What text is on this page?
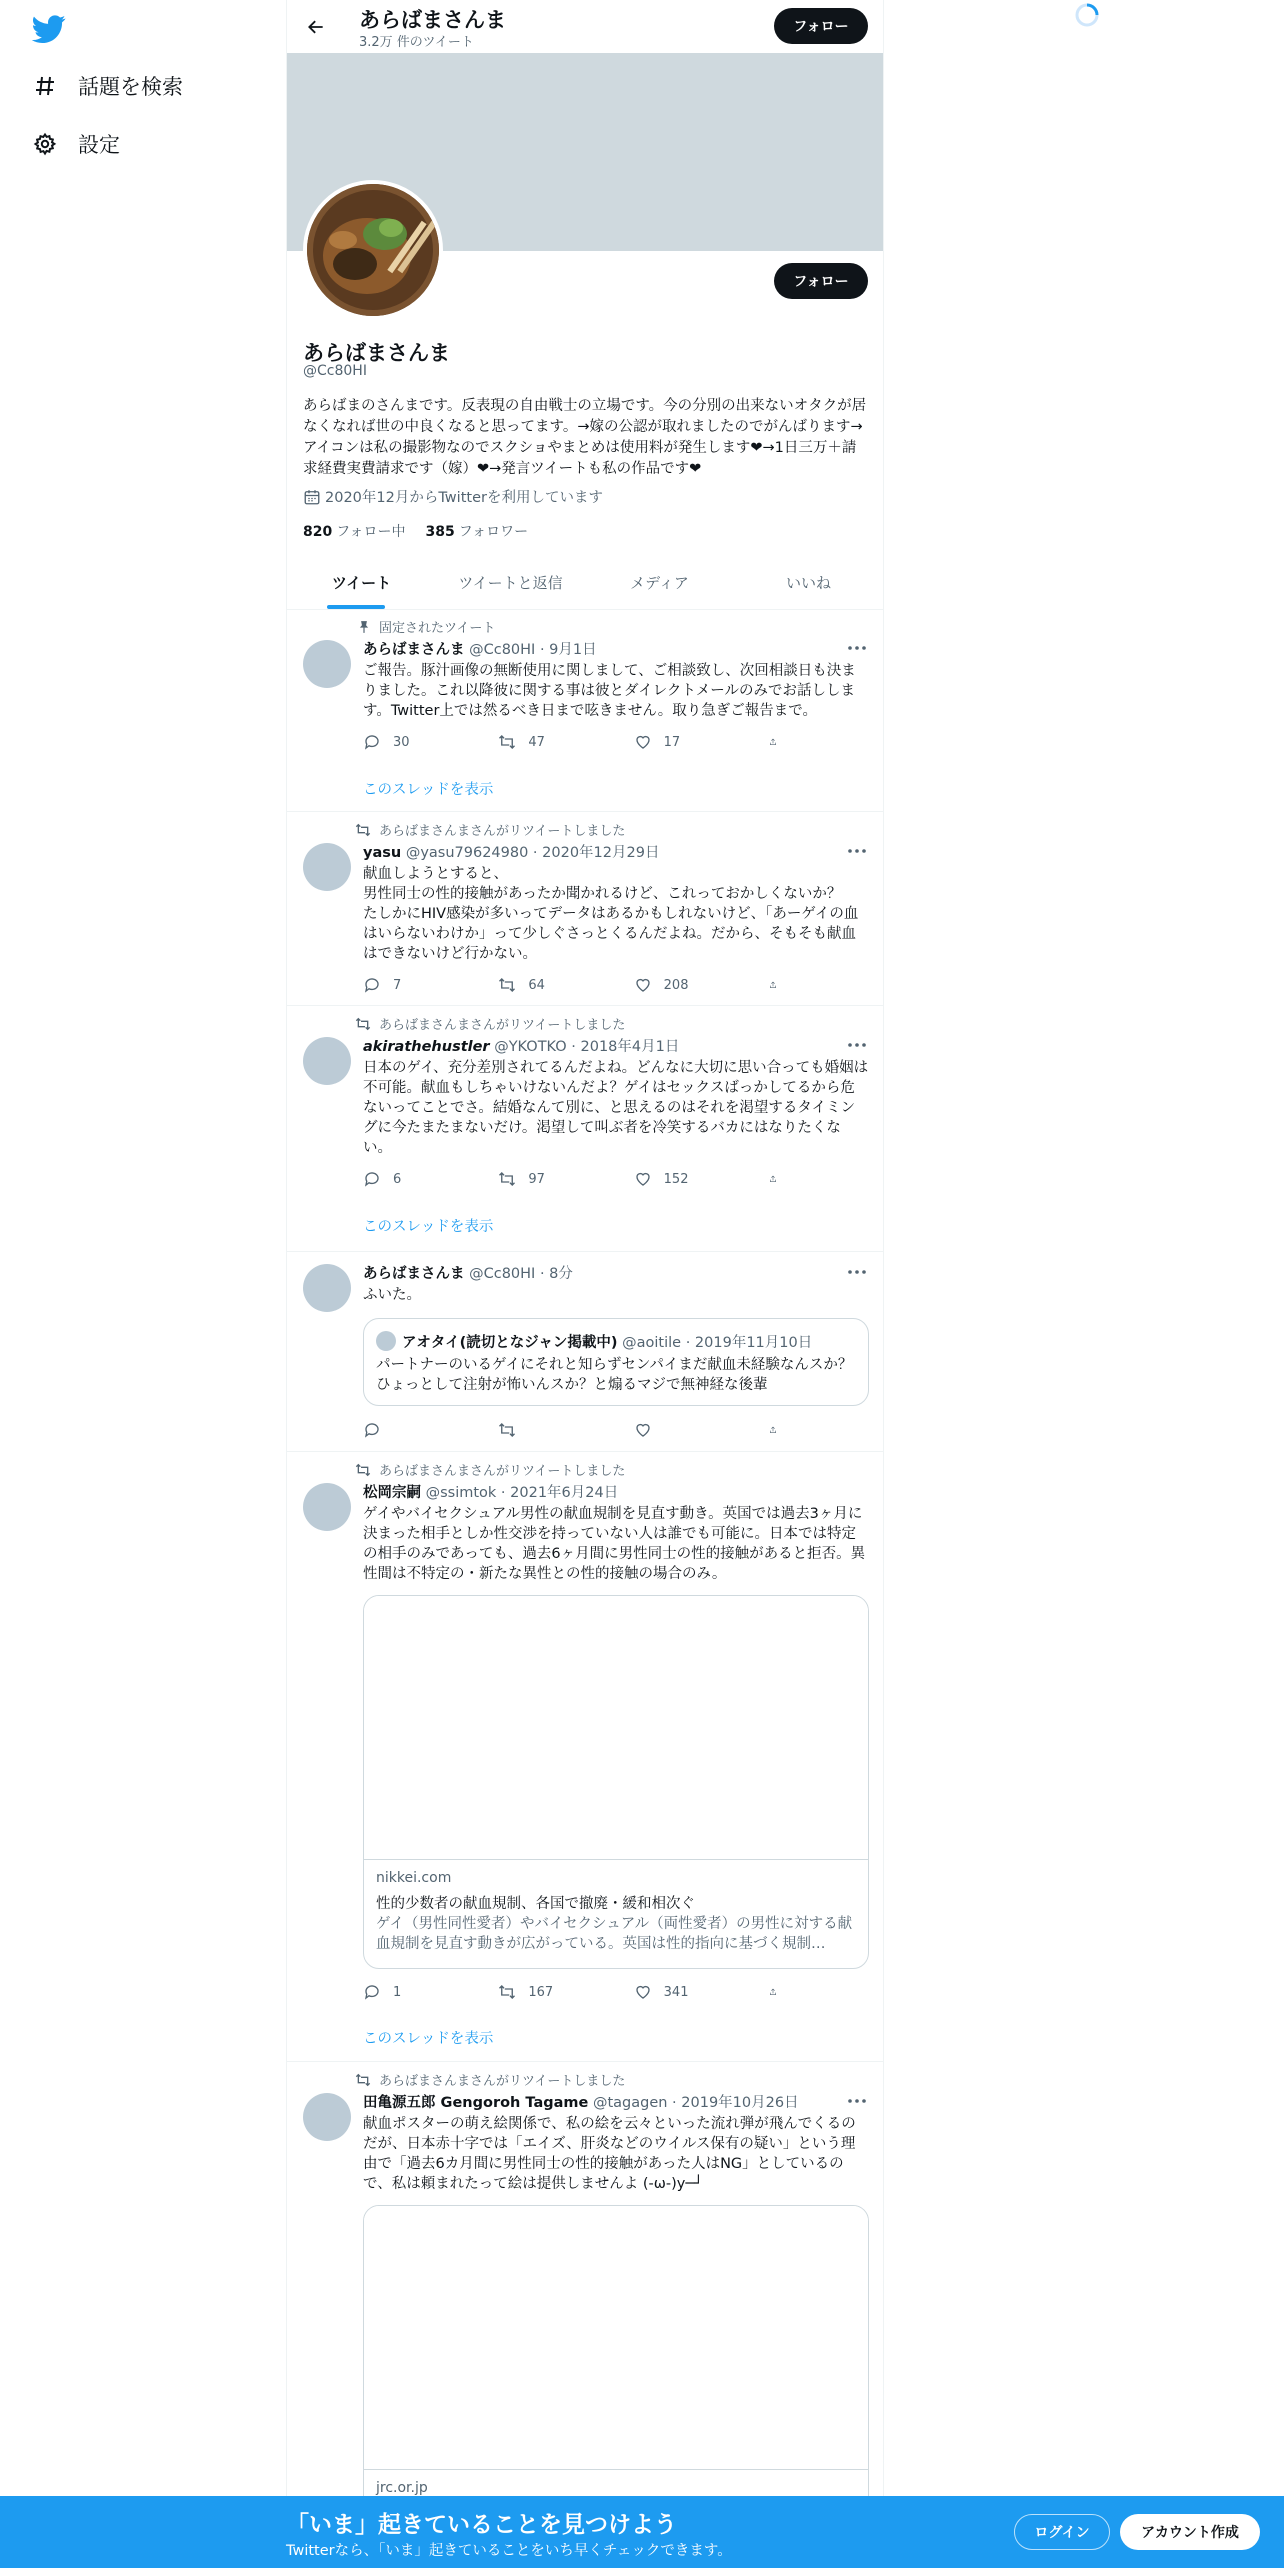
話題を検索
設定
あらばまさんま
3.2万 件のツイート
フォロー
フォロー
あらばまさんま
@Cc80HI
あらばまのさんまです。反表現の自由戦士の立場です。今の分別の出来ないオタクが居なくなれば世の中良くなると思ってます。→嫁の公認が取れましたのでがんばります→アイコンは私の撮影物なのでスクショやまとめは使用料が発生します❤→1日三万＋請求経費実費請求です（嫁）❤→発言ツイートも私の作品です❤
2020年12月からTwitterを利用しています
820 フォロー中 385 フォロワー
ツイート	ツイートと返信	メディア	いいね
固定されたツイート
あらばまさんま @Cc80HI · 9月1日
ご報告。豚汁画像の無断使用に関しまして、ご相談致し、次回相談日も決まりました。これ以降彼に関する事は彼とダイレクトメールのみでお話しします。Twitter上では然るべき日まで呟きません。取り急ぎご報告まで。
30	47	17
このスレッドを表示
あらばまさんまさんがリツイートしました
yasu @yasu79624980 · 2020年12月29日
献血しようとすると、
男性同士の性的接触があったか聞かれるけど、これっておかしくないか？
たしかにHIV感染が多いってデータはあるかもしれないけど、「あーゲイの血はいらないわけか」って少しぐさっとくるんだよね。だから、そもそも献血はできないけど行かない。
7	64	208
あらばまさんまさんがリツイートしました
akirathehustler @YKOTKO · 2018年4月1日
日本のゲイ、充分差別されてるんだよね。どんなに大切に思い合っても婚姻は不可能。献血もしちゃいけないんだよ？ゲイはセックスばっかしてるから危ないってことでさ。結婚なんて別に、と思えるのはそれを渇望するタイミングに今たまたまないだけ。渇望して叫ぶ者を冷笑するバカにはなりたくない。
6	97	152
このスレッドを表示
あらばまさんま @Cc80HI · 8分
ふいた。
アオタイ(読切となジャン掲載中) @aoitile · 2019年11月10日
パートナーのいるゲイにそれと知らずセンパイまだ献血未経験なんスか？ひょっとして注射が怖いんスか？と煽るマジで無神経な後輩
あらばまさんまさんがリツイートしました
松岡宗嗣 @ssimtok · 2021年6月24日
ゲイやバイセクシュアル男性の献血規制を見直す動き。英国では過去3ヶ月に決まった相手としか性交渉を持っていない人は誰でも可能に。日本では特定の相手のみであっても、過去6ヶ月間に男性同士の性的接触があると拒否。異性間は不特定の・新たな異性との性的接触の場合のみ。
nikkei.com
性的少数者の献血規制、各国で撤廃・緩和相次ぐ
ゲイ（男性同性愛者）やバイセクシュアル（両性愛者）の男性に対する献血規制を見直す動きが広がっている。英国は性的指向に基づく規制…
1	167	341
このスレッドを表示
あらばまさんまさんがリツイートしました
田亀源五郎 Gengoroh Tagame @tagagen · 2019年10月26日
献血ポスターの萌え絵関係で、私の絵を云々といった流れ弾が飛んでくるのだが、日本赤十字では「エイズ、肝炎などのウイルス保有の疑い」という理由で「過去6カ月間に男性同士の性的接触があった人はNG」としているので、私は頼まれたって絵は提供しませんよ (-ω-)y─┘
jrc.or.jp
「いま」起きていることを見つけよう
Twitterなら、「いま」起きていることをいち早くチェックできます。
ログイン	アカウント作成
